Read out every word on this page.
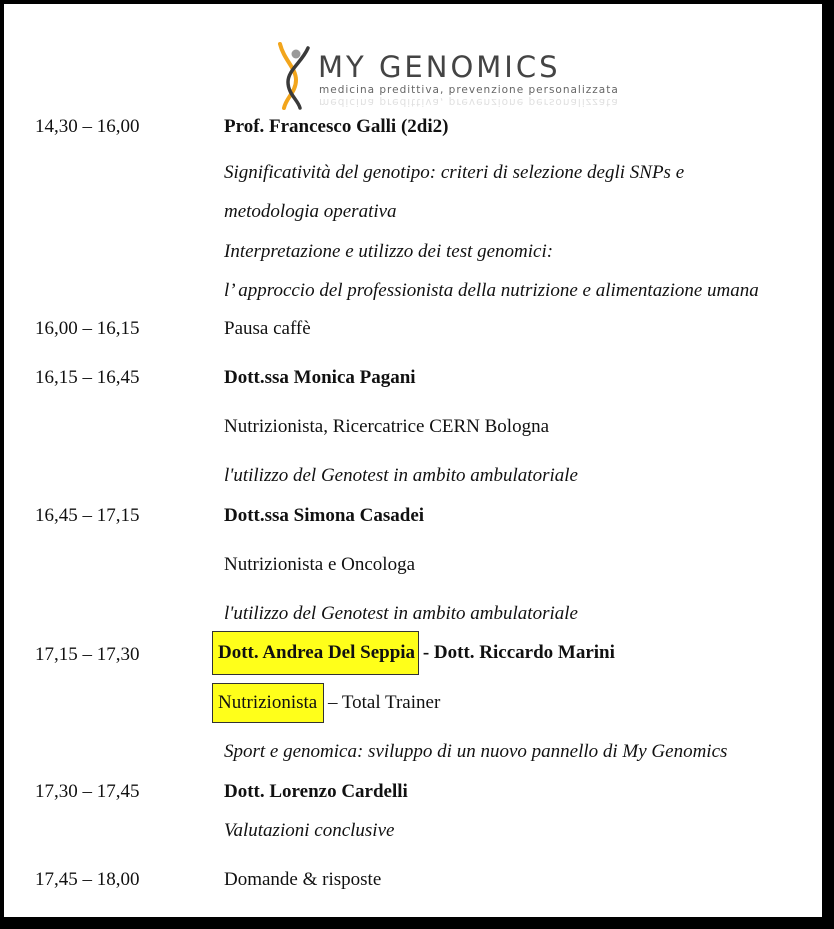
MY GENOMICS
medicina predittiva, prevenzione personalizzata
medicina predittiva, prevenzione personalizzata
14,30 – 16,00	Prof. Francesco Galli (2di2)
Significatività del genotipo: criteri di selezione degli SNPs e
metodologia operativa
Interpretazione e utilizzo dei test genomici:
l’ approccio del professionista della nutrizione e alimentazione umana
16,00 – 16,15	Pausa caffè
16,15 – 16,45	Dott.ssa Monica Pagani
Nutrizionista, Ricercatrice CERN Bologna
l'utilizzo del Genotest in ambito ambulatoriale
16,45 – 17,15	Dott.ssa Simona Casadei
Nutrizionista e Oncologa
l'utilizzo del Genotest in ambito ambulatoriale
17,15 – 17,30	Dott. Andrea Del Seppia - Dott. Riccardo Marini
Nutrizionista – Total Trainer
Sport e genomica: sviluppo di un nuovo pannello di My Genomics
17,30 – 17,45	Dott. Lorenzo Cardelli
Valutazioni conclusive
17,45 – 18,00	Domande & risposte
